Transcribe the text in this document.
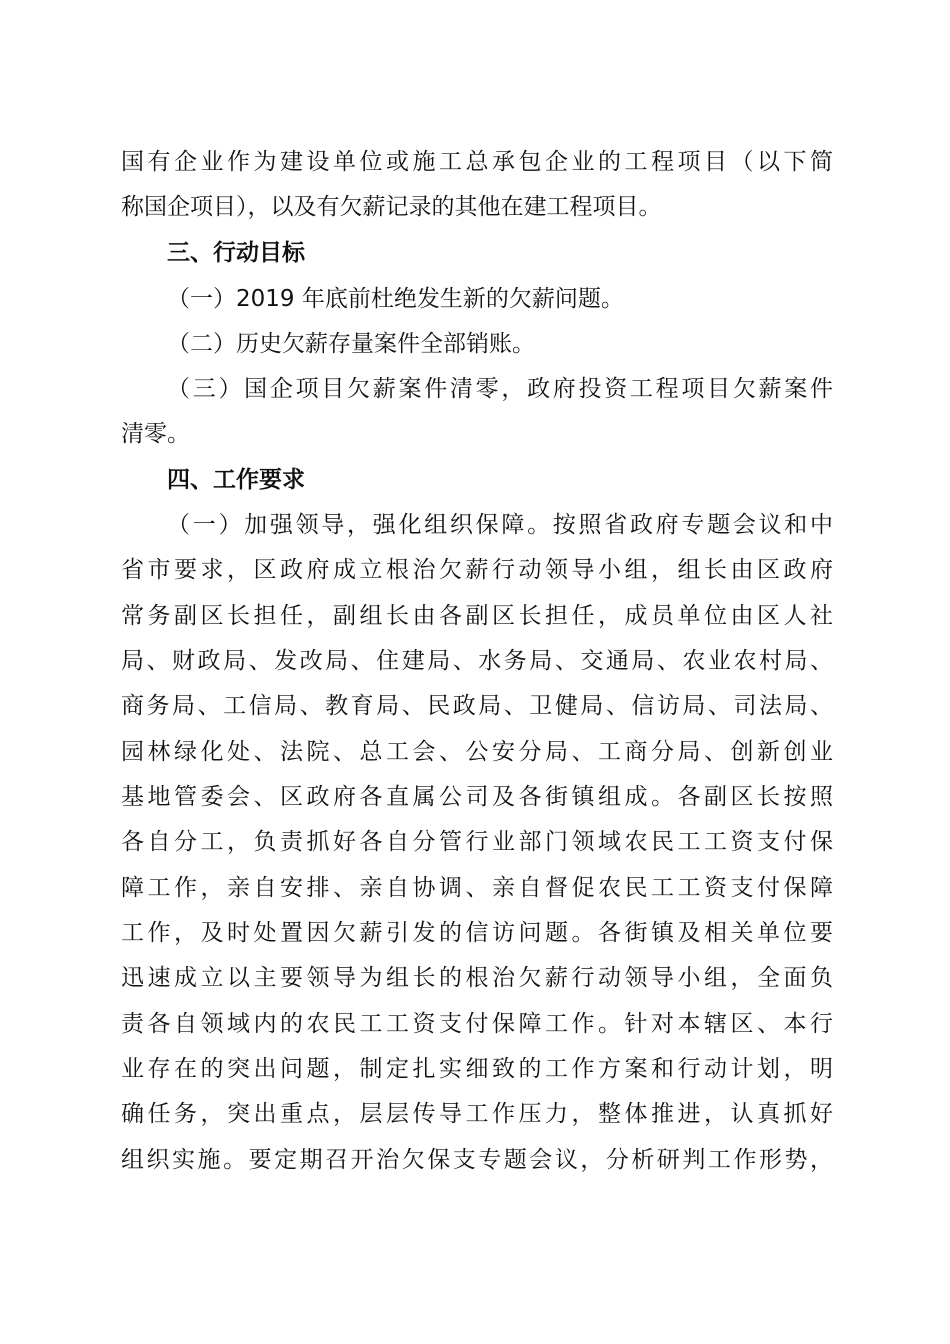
国有企业作为建设单位或施工总承包企业的工程项目（以下简
称国企项目），以及有欠薪记录的其他在建工程项目。
三、行动目标
（一）2019 年底前杜绝发生新的欠薪问题。
（二）历史欠薪存量案件全部销账。
（三）国企项目欠薪案件清零，政府投资工程项目欠薪案件
清零。
四、工作要求
（一）加强领导，强化组织保障。按照省政府专题会议和中
省市要求，区政府成立根治欠薪行动领导小组，组长由区政府
常务副区长担任，副组长由各副区长担任，成员单位由区人社
局、财政局、发改局、住建局、水务局、交通局、农业农村局、
商务局、工信局、教育局、民政局、卫健局、信访局、司法局、
园林绿化处、法院、总工会、公安分局、工商分局、创新创业
基地管委会、区政府各直属公司及各街镇组成。各副区长按照
各自分工，负责抓好各自分管行业部门领域农民工工资支付保
障工作，亲自安排、亲自协调、亲自督促农民工工资支付保障
工作，及时处置因欠薪引发的信访问题。各街镇及相关单位要
迅速成立以主要领导为组长的根治欠薪行动领导小组，全面负
责各自领域内的农民工工资支付保障工作。针对本辖区、本行
业存在的突出问题，制定扎实细致的工作方案和行动计划，明
确任务，突出重点，层层传导工作压力，整体推进，认真抓好
组织实施。要定期召开治欠保支专题会议，分析研判工作形势，
